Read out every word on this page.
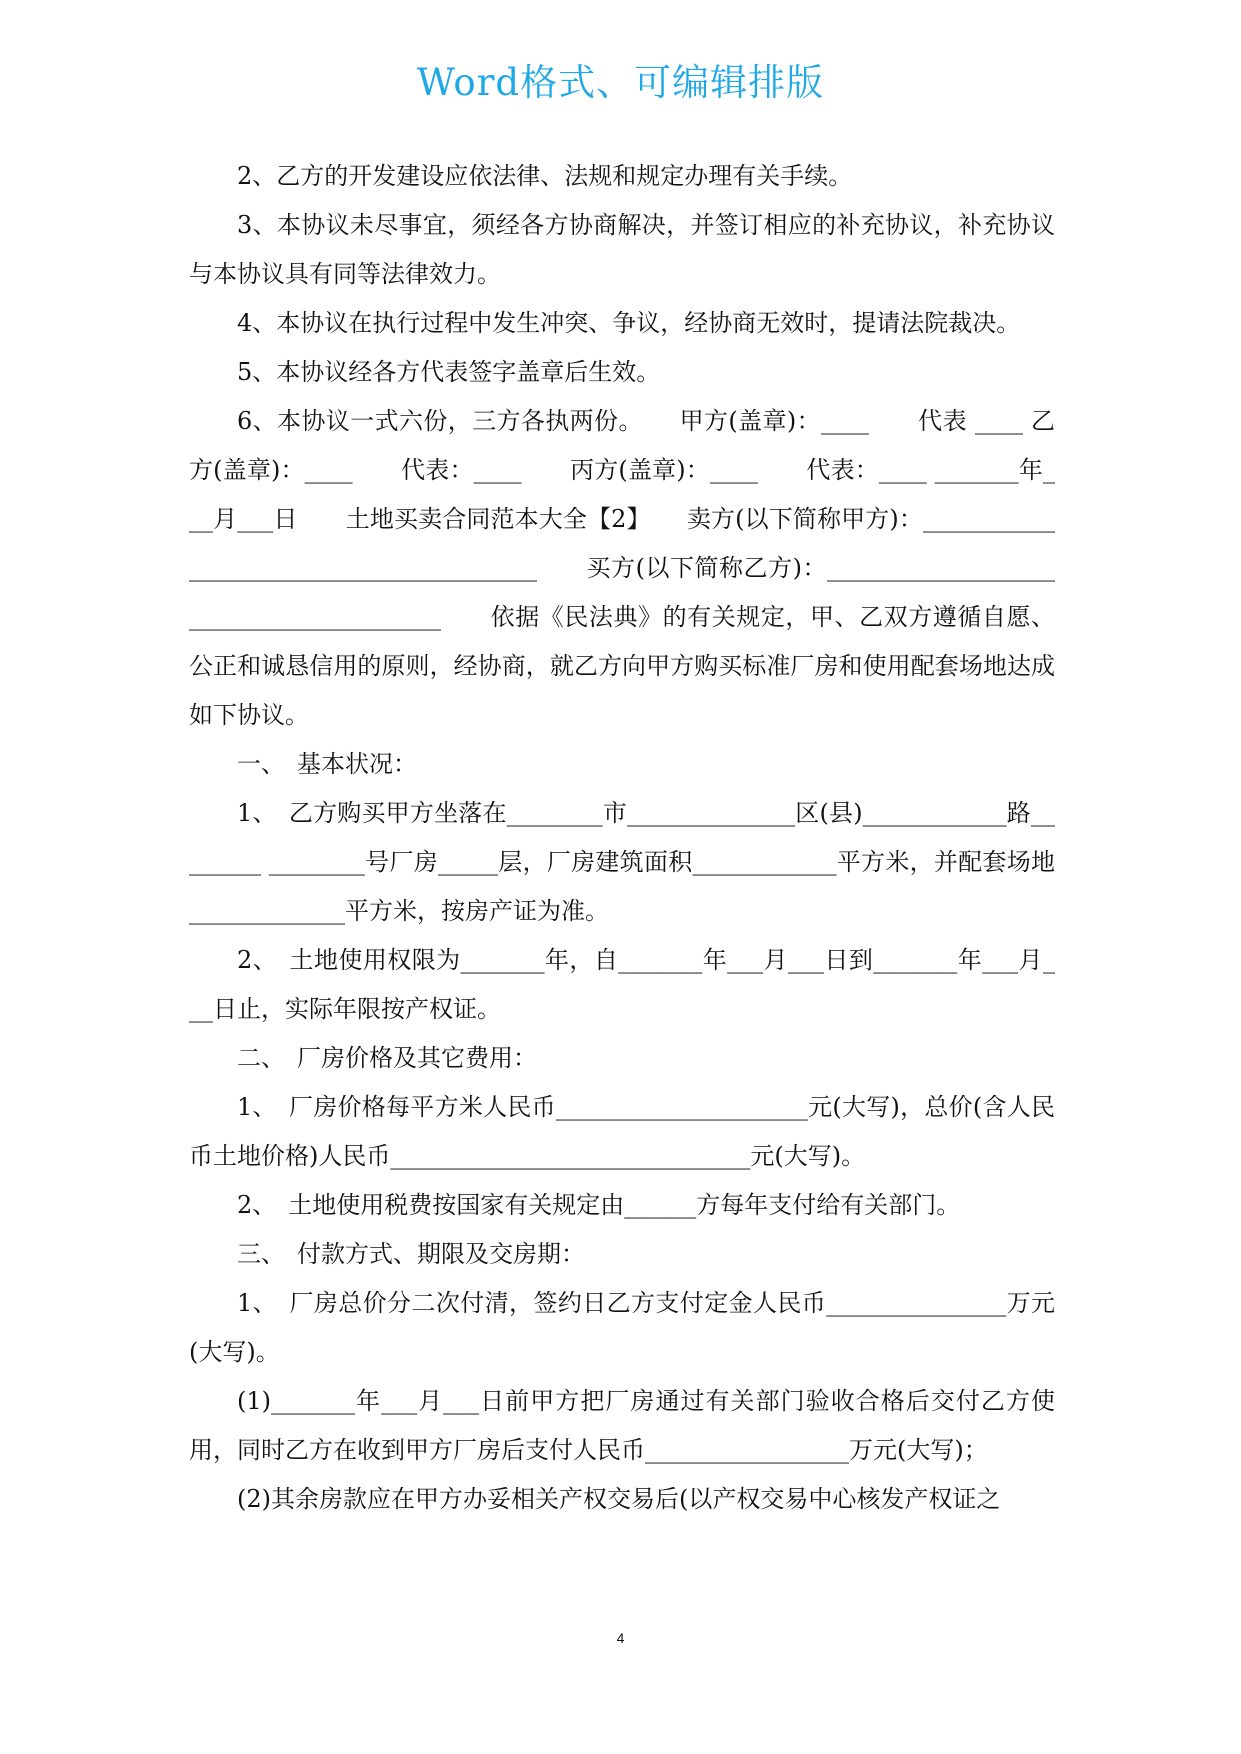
Word格式、可编辑排版

2、乙方的开发建设应依法律、法规和规定办理有关手续。

3、本协议未尽事宜，须经各方协商解决，并签订相应的补充协议，补充协议与本协议具有同等法律效力。

4、本协议在执行过程中发生冲突、争议，经协商无效时，提请法院裁决。

5、本协议经各方代表签字盖章后生效。

6、本协议一式六份，三方各执两份。　　甲方(盖章)：____　　代表 ____ 乙方(盖章)：____　　代表：____　　丙方(盖章)：____　　代表：____ _______年___月___日　　土地买卖合同范本大全【2】　　卖方(以下简称甲方)：________________________________________　　买方(以下简称乙方)：________________________________________　　依据《民法典》的有关规定，甲、乙双方遵循自愿、公正和诚恳信用的原则，经协商，就乙方向甲方购买标准厂房和使用配套场地达成如下协议。

一、　基本状况：

1、　乙方购买甲方坐落在________市______________区(县)____________路________ ________号厂房_____层，厂房建筑面积____________平方米，并配套场地_____________平方米，按房产证为准。

2、　土地使用权限为_______年，自_______年___月___日到_______年___月___日止，实际年限按产权证。

二、　厂房价格及其它费用：

1、　厂房价格每平方米人民币_____________________元(大写)，总价(含人民币土地价格)人民币______________________________元(大写)。

2、　土地使用税费按国家有关规定由______方每年支付给有关部门。

三、　付款方式、期限及交房期：

1、　厂房总价分二次付清，签约日乙方支付定金人民币_______________万元(大写)。

(1)_______年___月___日前甲方把厂房通过有关部门验收合格后交付乙方使用，同时乙方在收到甲方厂房后支付人民币_________________万元(大写)；

(2)其余房款应在甲方办妥相关产权交易后(以产权交易中心核发产权证之

4
